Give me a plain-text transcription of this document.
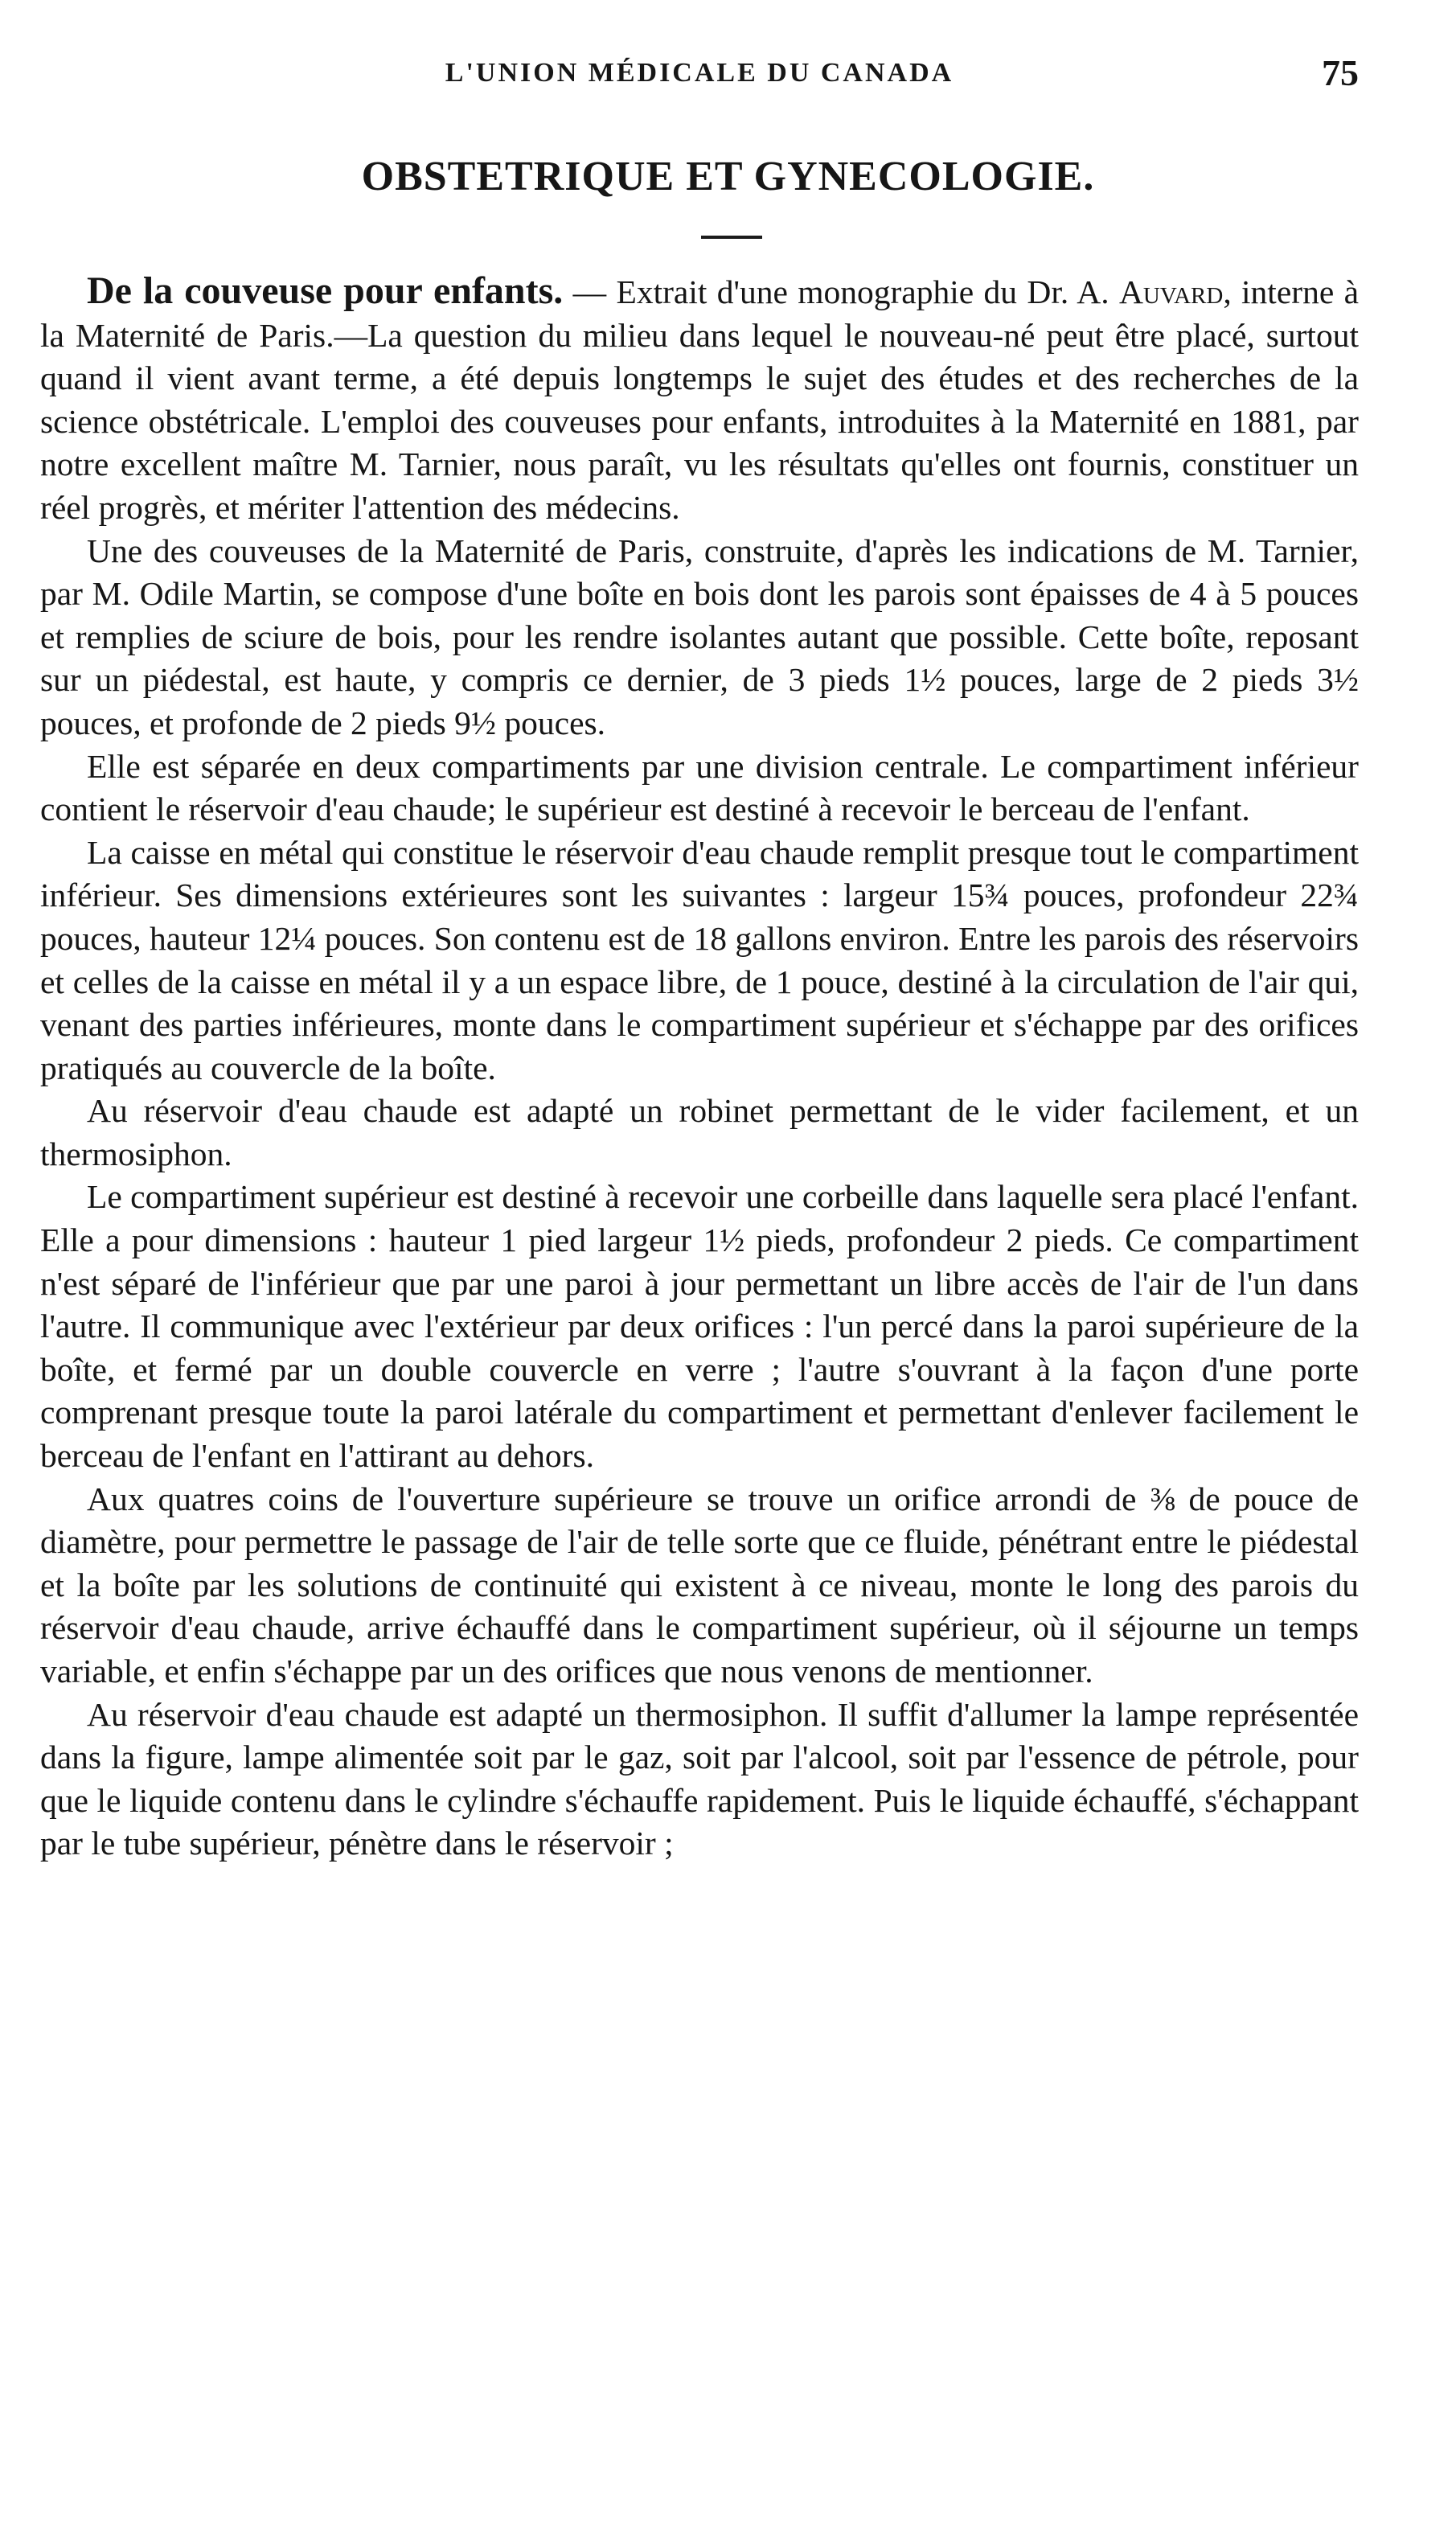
L'UNION MÉDICALE DU CANADA	75
OBSTETRIQUE ET GYNECOLOGIE.

De la couveuse pour enfants. — Extrait d'une monographie du Dr. A. Auvard, interne à la Maternité de Paris.—La question du milieu dans lequel le nouveau-né peut être placé, surtout quand il vient avant terme, a été depuis longtemps le sujet des études et des recherches de la science obstétricale. L'emploi des couveuses pour enfants, introduites à la Maternité en 1881, par notre excellent maître M. Tarnier, nous paraît, vu les résultats qu'elles ont fournis, constituer un réel progrès, et mériter l'attention des médecins.

Une des couveuses de la Maternité de Paris, construite, d'après les indications de M. Tarnier, par M. Odile Martin, se compose d'une boîte en bois dont les parois sont épaisses de 4 à 5 pouces et remplies de sciure de bois, pour les rendre isolantes autant que possible. Cette boîte, reposant sur un piédestal, est haute, y compris ce dernier, de 3 pieds 1½ pouces, large de 2 pieds 3½ pouces, et profonde de 2 pieds 9½ pouces.

Elle est séparée en deux compartiments par une division centrale. Le compartiment inférieur contient le réservoir d'eau chaude; le supérieur est destiné à recevoir le berceau de l'enfant.

La caisse en métal qui constitue le réservoir d'eau chaude remplit presque tout le compartiment inférieur. Ses dimensions extérieures sont les suivantes : largeur 15¾ pouces, profondeur 22¾ pouces, hauteur 12¼ pouces. Son contenu est de 18 gallons environ. Entre les parois des réservoirs et celles de la caisse en métal il y a un espace libre, de 1 pouce, destiné à la circulation de l'air qui, venant des parties inférieures, monte dans le compartiment supérieur et s'échappe par des orifices pratiqués au couvercle de la boîte.

Au réservoir d'eau chaude est adapté un robinet permettant de le vider facilement, et un thermosiphon.

Le compartiment supérieur est destiné à recevoir une corbeille dans laquelle sera placé l'enfant. Elle a pour dimensions : hauteur 1 pied largeur 1½ pieds, profondeur 2 pieds. Ce compartiment n'est séparé de l'inférieur que par une paroi à jour permettant un libre accès de l'air de l'un dans l'autre. Il communique avec l'extérieur par deux orifices : l'un percé dans la paroi supérieure de la boîte, et fermé par un double couvercle en verre ; l'autre s'ouvrant à la façon d'une porte comprenant presque toute la paroi latérale du compartiment et permettant d'enlever facilement le berceau de l'enfant en l'attirant au dehors.

Aux quatres coins de l'ouverture supérieure se trouve un orifice arrondi de ⅜ de pouce de diamètre, pour permettre le passage de l'air de telle sorte que ce fluide, pénétrant entre le piédestal et la boîte par les solutions de continuité qui existent à ce niveau, monte le long des parois du réservoir d'eau chaude, arrive échauffé dans le compartiment supérieur, où il séjourne un temps variable, et enfin s'échappe par un des orifices que nous venons de mentionner.

Au réservoir d'eau chaude est adapté un thermosiphon. Il suffit d'allumer la lampe représentée dans la figure, lampe alimentée soit par le gaz, soit par l'alcool, soit par l'essence de pétrole, pour que le liquide contenu dans le cylindre s'échauffe rapidement. Puis le liquide échauffé, s'échappant par le tube supérieur, pénètre dans le réservoir ;
